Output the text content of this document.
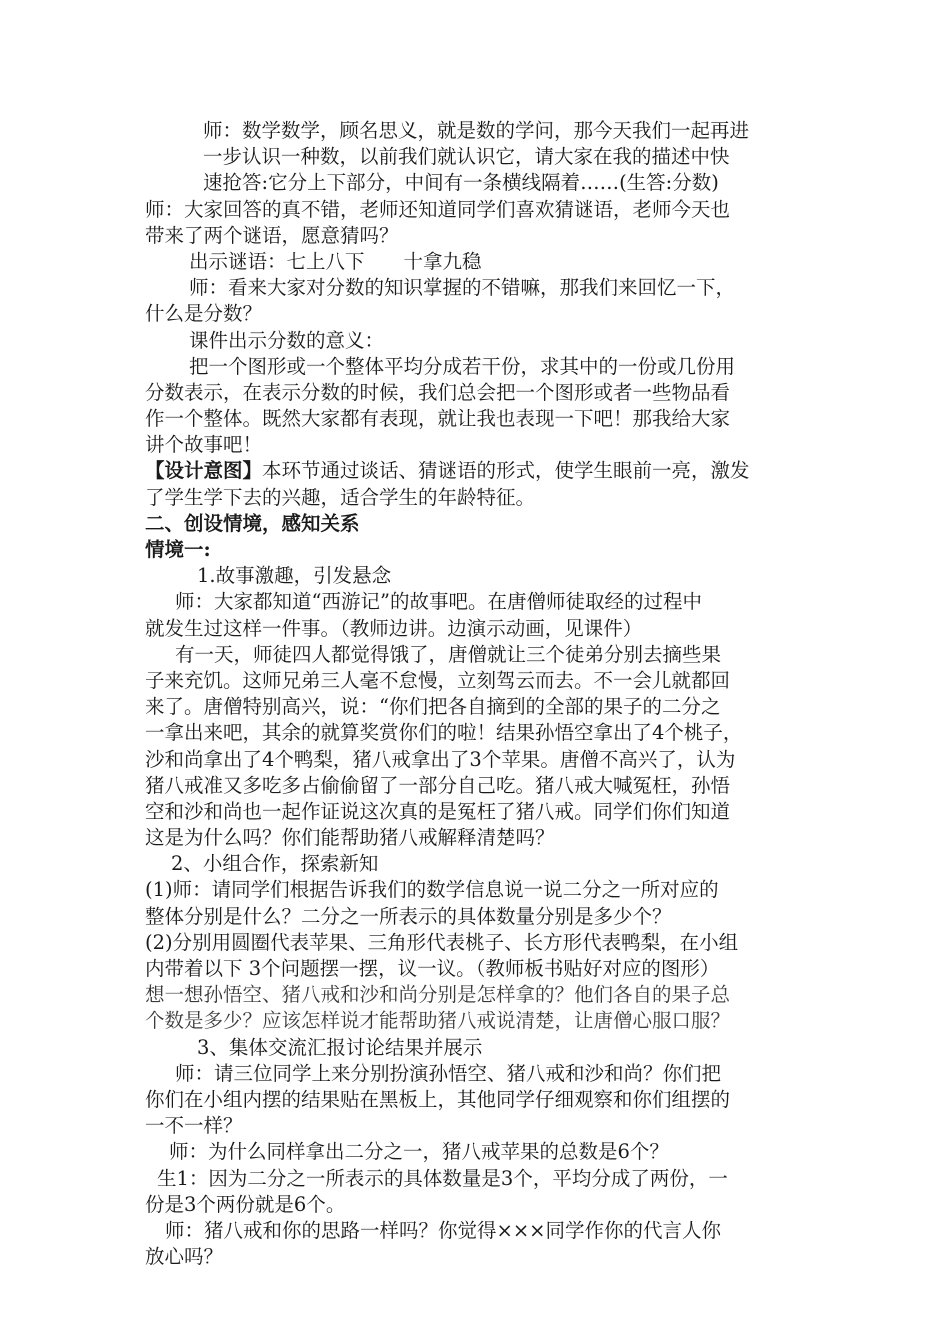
师：数学数学，顾名思义，就是数的学问，那今天我们一起再进
一步认识一种数，以前我们就认识它，请大家在我的描述中快
速抢答:它分上下部分，中间有一条横线隔着……(生答:分数)
师：大家回答的真不错，老师还知道同学们喜欢猜谜语，老师今天也
带来了两个谜语，愿意猜吗？
出示谜语：七上八下　　十拿九稳
师：看来大家对分数的知识掌握的不错嘛，那我们来回忆一下，
什么是分数？
课件出示分数的意义：
把一个图形或一个整体平均分成若干份，求其中的一份或几份用
分数表示，在表示分数的时候，我们总会把一个图形或者一些物品看
作一个整体。既然大家都有表现，就让我也表现一下吧！那我给大家
讲个故事吧！
【设计意图】本环节通过谈话、猜谜语的形式，使学生眼前一亮，激发
了学生学下去的兴趣，适合学生的年龄特征。
二、创设情境，感知关系
情境一:
1.故事激趣，引发悬念
师：大家都知道“西游记”的故事吧。在唐僧师徒取经的过程中
就发生过这样一件事。（教师边讲。边演示动画，见课件）
有一天，师徒四人都觉得饿了，唐僧就让三个徒弟分别去摘些果
子来充饥。这师兄弟三人毫不怠慢，立刻驾云而去。不一会儿就都回
来了。唐僧特别高兴，说：“你们把各自摘到的全部的果子的二分之
一拿出来吧，其余的就算奖赏你们的啦！结果孙悟空拿出了4个桃子，
沙和尚拿出了4个鸭梨，猪八戒拿出了3个苹果。唐僧不高兴了，认为
猪八戒准又多吃多占偷偷留了一部分自己吃。猪八戒大喊冤枉，孙悟
空和沙和尚也一起作证说这次真的是冤枉了猪八戒。同学们你们知道
这是为什么吗？你们能帮助猪八戒解释清楚吗？
2、小组合作，探索新知
(1)师：请同学们根据告诉我们的数学信息说一说二分之一所对应的
整体分别是什么？二分之一所表示的具体数量分别是多少个？
(2)分别用圆圈代表苹果、三角形代表桃子、长方形代表鸭梨，在小组
内带着以下 3个问题摆一摆，议一议。（教师板书贴好对应的图形）
想一想孙悟空、猪八戒和沙和尚分别是怎样拿的？他们各自的果子总
个数是多少？应该怎样说才能帮助猪八戒说清楚，让唐僧心服口服？
3、集体交流汇报讨论结果并展示
师：请三位同学上来分别扮演孙悟空、猪八戒和沙和尚？你们把
你们在小组内摆的结果贴在黑板上，其他同学仔细观察和你们组摆的
一不一样？
师：为什么同样拿出二分之一，猪八戒苹果的总数是6个？
生1：因为二分之一所表示的具体数量是3个，平均分成了两份，一
份是3个两份就是6个。
师：猪八戒和你的思路一样吗？你觉得×××同学作你的代言人你
放心吗？
